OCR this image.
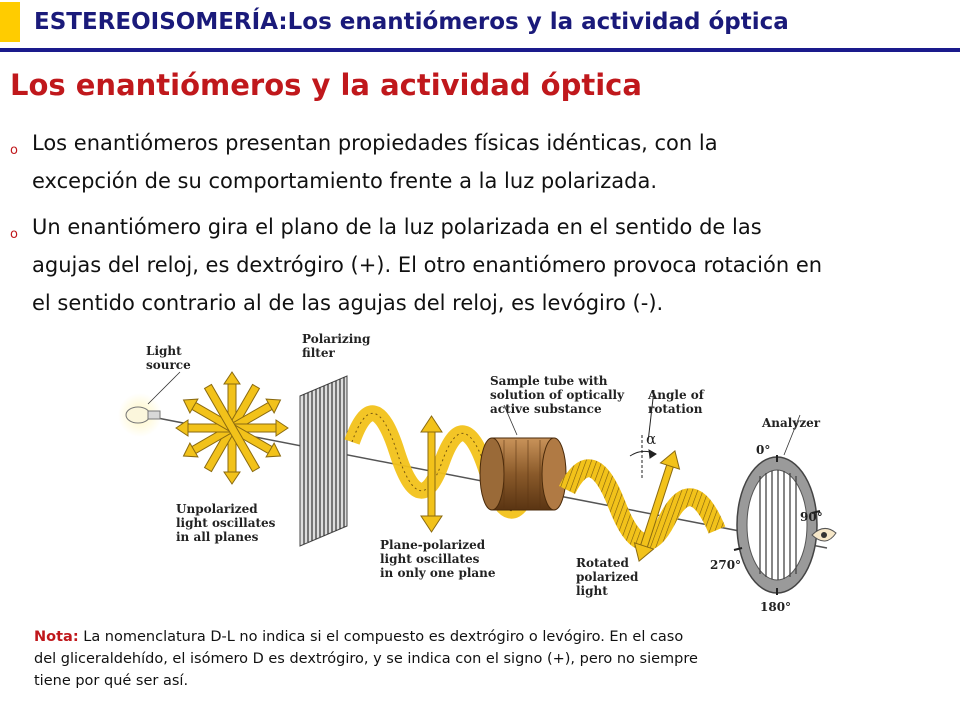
ESTEREOISOMERÍA:Los enantiómeros y la actividad óptica
Los enantiómeros y la actividad óptica
o Los enantiómeros presentan propiedades físicas idénticas, con la
excepción de su comportamiento frente a la luz polarizada.
o Un enantiómero gira el plano de la luz polarizada en el sentido de las
agujas del reloj, es dextrógiro (+). El otro enantiómero provoca rotación en
el sentido contrario al de las agujas del reloj, es levógiro (-).
Light
source
Polarizing
filter
Sample tube with
solution of optically
active substance
Angle of
rotation
α
Analyzer
0°
90°
270°
180°
Unpolarized
light oscillates
in all planes
Plane-polarized
light oscillates
in only one plane
Rotated
polarized
light
Nota: La nomenclatura D-L no indica si el compuesto es dextrógiro o levógiro. En el caso
del gliceraldehído, el isómero D es dextrógiro, y se indica con el signo (+), pero no siempre
tiene por qué ser así.
